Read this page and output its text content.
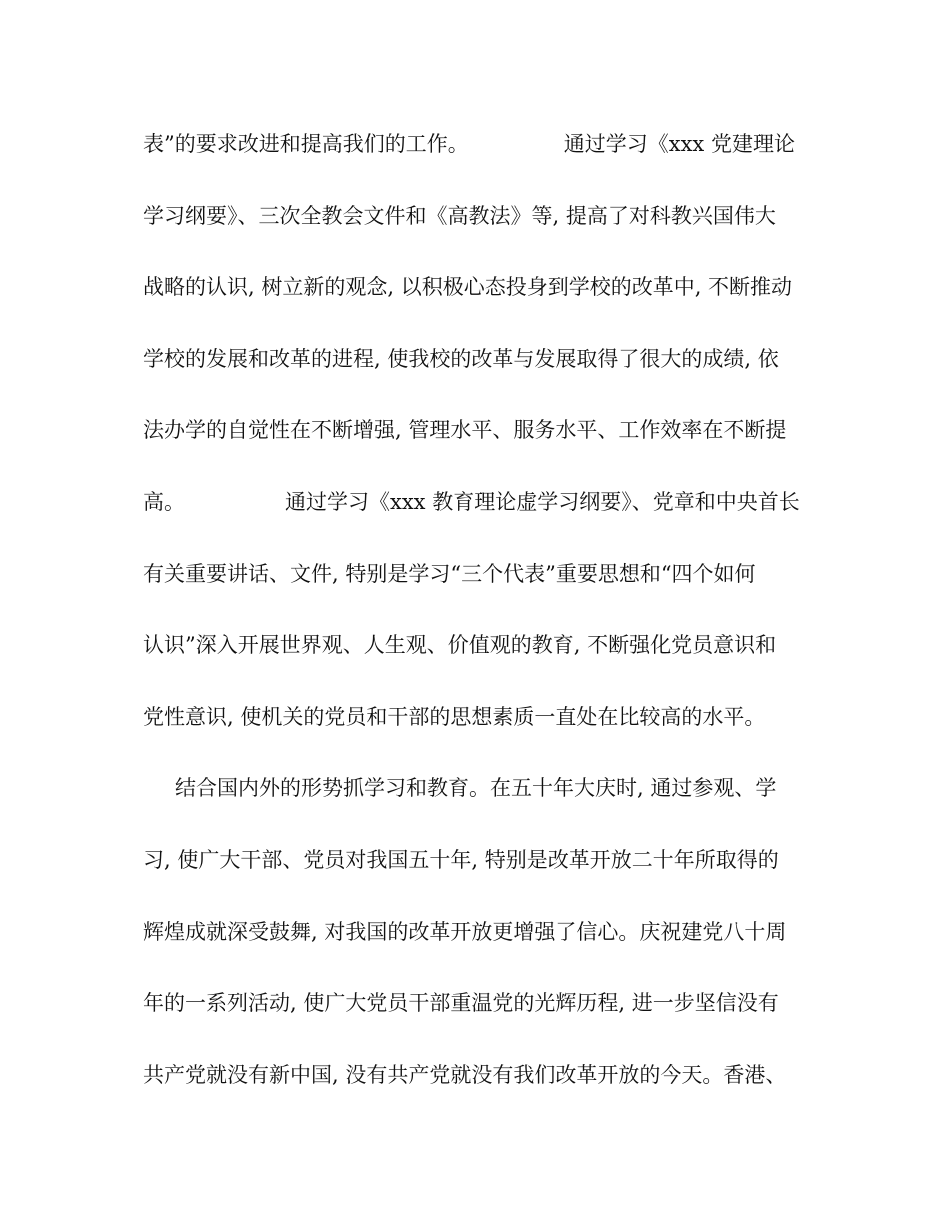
表”的要求改进和提高我们的工作。	通过学习《xxx 党建理论
学习纲要》、三次全教会文件和《高教法》等, 提高了对科教兴国伟大
战略的认识, 树立新的观念, 以积极心态投身到学校的改革中, 不断推动
学校的发展和改革的进程, 使我校的改革与发展取得了很大的成绩, 依
法办学的自觉性在不断增强, 管理水平、服务水平、工作效率在不断提
高。	通过学习《xxx 教育理论虚学习纲要》、党章和中央首长
有关重要讲话、文件, 特别是学习“三个代表”重要思想和“四个如何
认识”深入开展世界观、人生观、价值观的教育, 不断强化党员意识和
党性意识, 使机关的党员和干部的思想素质一直处在比较高的水平。
结合国内外的形势抓学习和教育。在五十年大庆时, 通过参观、学
习, 使广大干部、党员对我国五十年, 特别是改革开放二十年所取得的
辉煌成就深受鼓舞, 对我国的改革开放更增强了信心。庆祝建党八十周
年的一系列活动, 使广大党员干部重温党的光辉历程, 进一步坚信没有
共产党就没有新中国, 没有共产党就没有我们改革开放的今天。香港、
